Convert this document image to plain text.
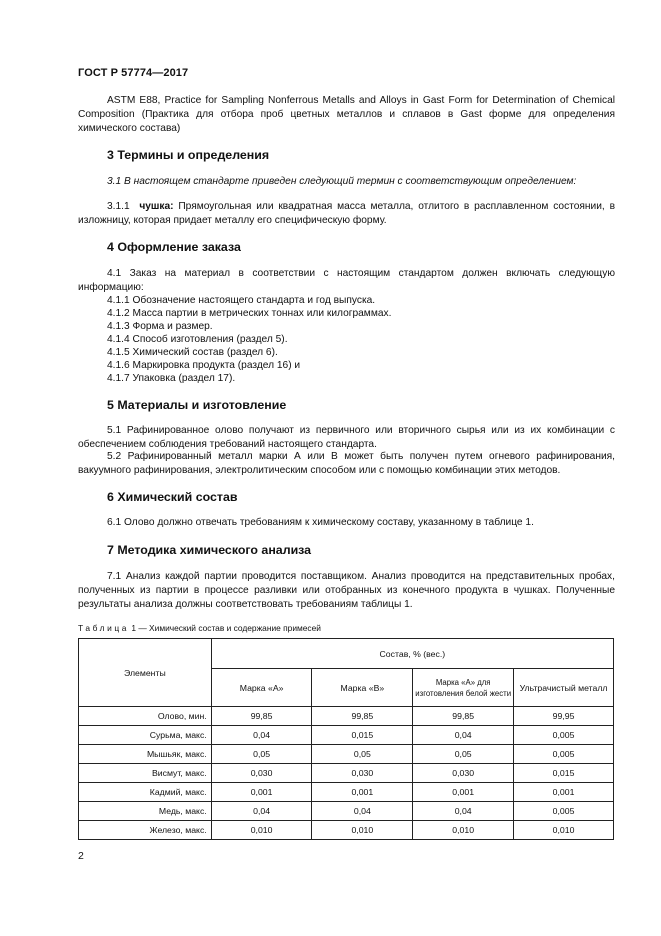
ГОСТ Р 57774—2017
ASTM E88, Practice for Sampling Nonferrous Metalls and Alloys in Gast Form for Determination of Chemical Composition (Практика для отбора проб цветных металлов и сплавов в Gast форме для определения химического состава)
3 Термины и определения
3.1 В настоящем стандарте приведен следующий термин с соответствующим определением:
3.1.1 чушка: Прямоугольная или квадратная масса металла, отлитого в расплавленном состоянии, в изложницу, которая придает металлу его специфическую форму.
4 Оформление заказа
4.1 Заказ на материал в соответствии с настоящим стандартом должен включать следующую информацию:
4.1.1 Обозначение настоящего стандарта и год выпуска.
4.1.2 Масса партии в метрических тоннах или килограммах.
4.1.3 Форма и размер.
4.1.4 Способ изготовления (раздел 5).
4.1.5 Химический состав (раздел 6).
4.1.6 Маркировка продукта (раздел 16) и
4.1.7 Упаковка (раздел 17).
5 Материалы и изготовление
5.1 Рафинированное олово получают из первичного или вторичного сырья или из их комбинации с обеспечением соблюдения требований настоящего стандарта.
5.2 Рафинированный металл марки А или В может быть получен путем огневого рафинирования, вакуумного рафинирования, электролитическим способом или с помощью комбинации этих методов.
6 Химический состав
6.1 Олово должно отвечать требованиям к химическому составу, указанному в таблице 1.
7 Методика химического анализа
7.1 Анализ каждой партии проводится поставщиком. Анализ проводится на представительных пробах, полученных из партии в процессе разливки или отобранных из конечного продукта в чушках. Полученные результаты анализа должны соответствовать требованиям таблицы 1.
Таблица 1 — Химический состав и содержание примесей
Элементы	Состав, % (вес.)			
	Марка «А»	Марка «В»	Марка «А» для изготовления белой жести	Ультрачистый металл
Олово, мин.	99,85	99,85	99,85	99,95
Сурьма, макс.	0,04	0,015	0,04	0,005
Мышьяк, макс.	0,05	0,05	0,05	0,005
Висмут, макс.	0,030	0,030	0,030	0,015
Кадмий, макс.	0,001	0,001	0,001	0,001
Медь, макс.	0,04	0,04	0,04	0,005
Железо, макс.	0,010	0,010	0,010	0,010
2
